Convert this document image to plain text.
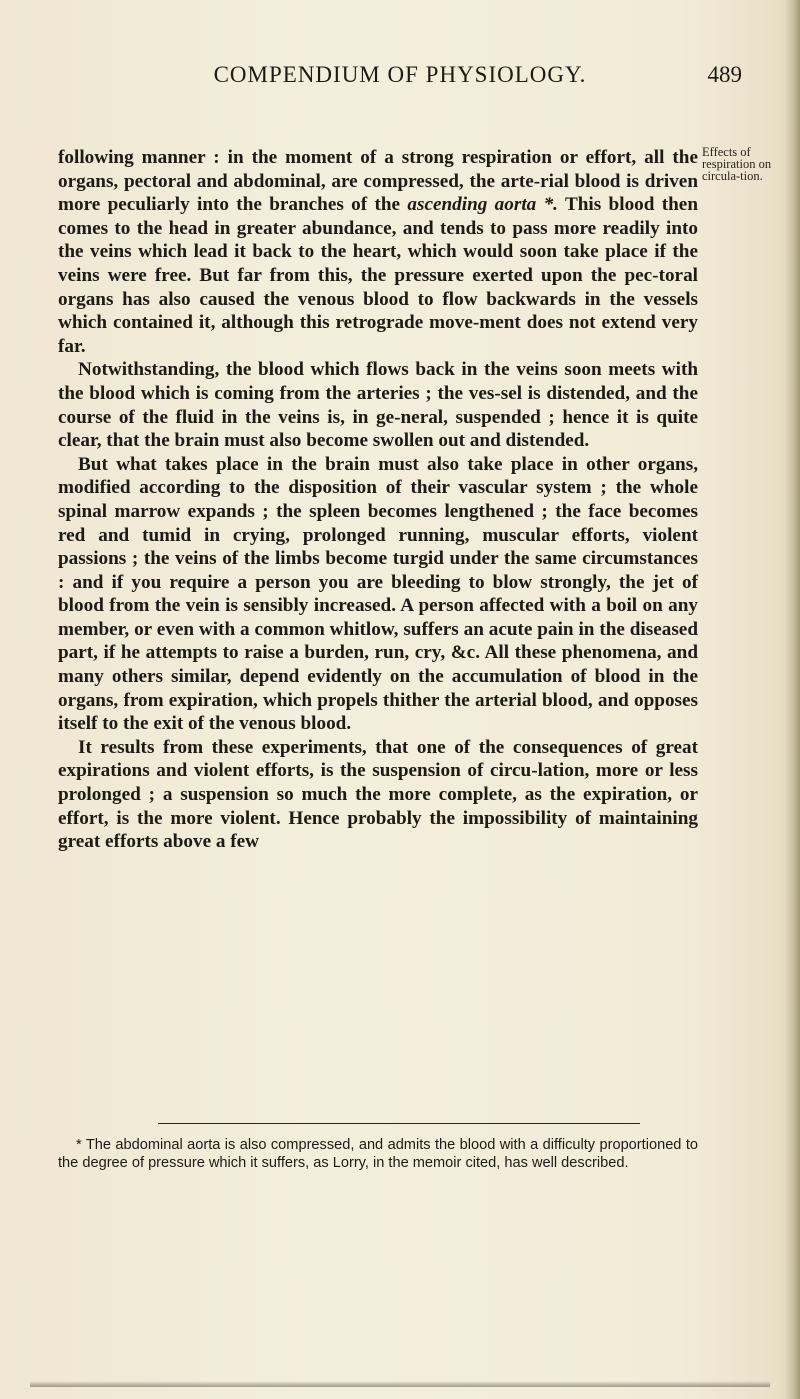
COMPENDIUM OF PHYSIOLOGY.	489
Effects of respiration on circula-tion.

following manner : in the moment of a strong respiration or effort, all the organs, pectoral and abdominal, are compressed, the arte-rial blood is driven more peculiarly into the branches of the ascending aorta *. This blood then comes to the head in greater abundance, and tends to pass more readily into the veins which lead it back to the heart, which would soon take place if the veins were free. But far from this, the pressure exerted upon the pec-toral organs has also caused the venous blood to flow backwards in the vessels which contained it, although this retrograde move-ment does not extend very far.

Notwithstanding, the blood which flows back in the veins soon meets with the blood which is coming from the arteries ; the ves-sel is distended, and the course of the fluid in the veins is, in ge-neral, suspended ; hence it is quite clear, that the brain must also become swollen out and distended.

But what takes place in the brain must also take place in other organs, modified according to the disposition of their vascular system ; the whole spinal marrow expands ; the spleen becomes lengthened ; the face becomes red and tumid in crying, prolonged running, muscular efforts, violent passions ; the veins of the limbs become turgid under the same circumstances : and if you require a person you are bleeding to blow strongly, the jet of blood from the vein is sensibly increased. A person affected with a boil on any member, or even with a common whitlow, suffers an acute pain in the diseased part, if he attempts to raise a burden, run, cry, &c. All these phenomena, and many others similar, depend evidently on the accumulation of blood in the organs, from expiration, which propels thither the arterial blood, and opposes itself to the exit of the venous blood.

It results from these experiments, that one of the consequences of great expirations and violent efforts, is the suspension of circu-lation, more or less prolonged ; a suspension so much the more complete, as the expiration, or effort, is the more violent. Hence probably the impossibility of maintaining great efforts above a few

* The abdominal aorta is also compressed, and admits the blood with a difficulty proportioned to the degree of pressure which it suffers, as Lorry, in the memoir cited, has well described.
